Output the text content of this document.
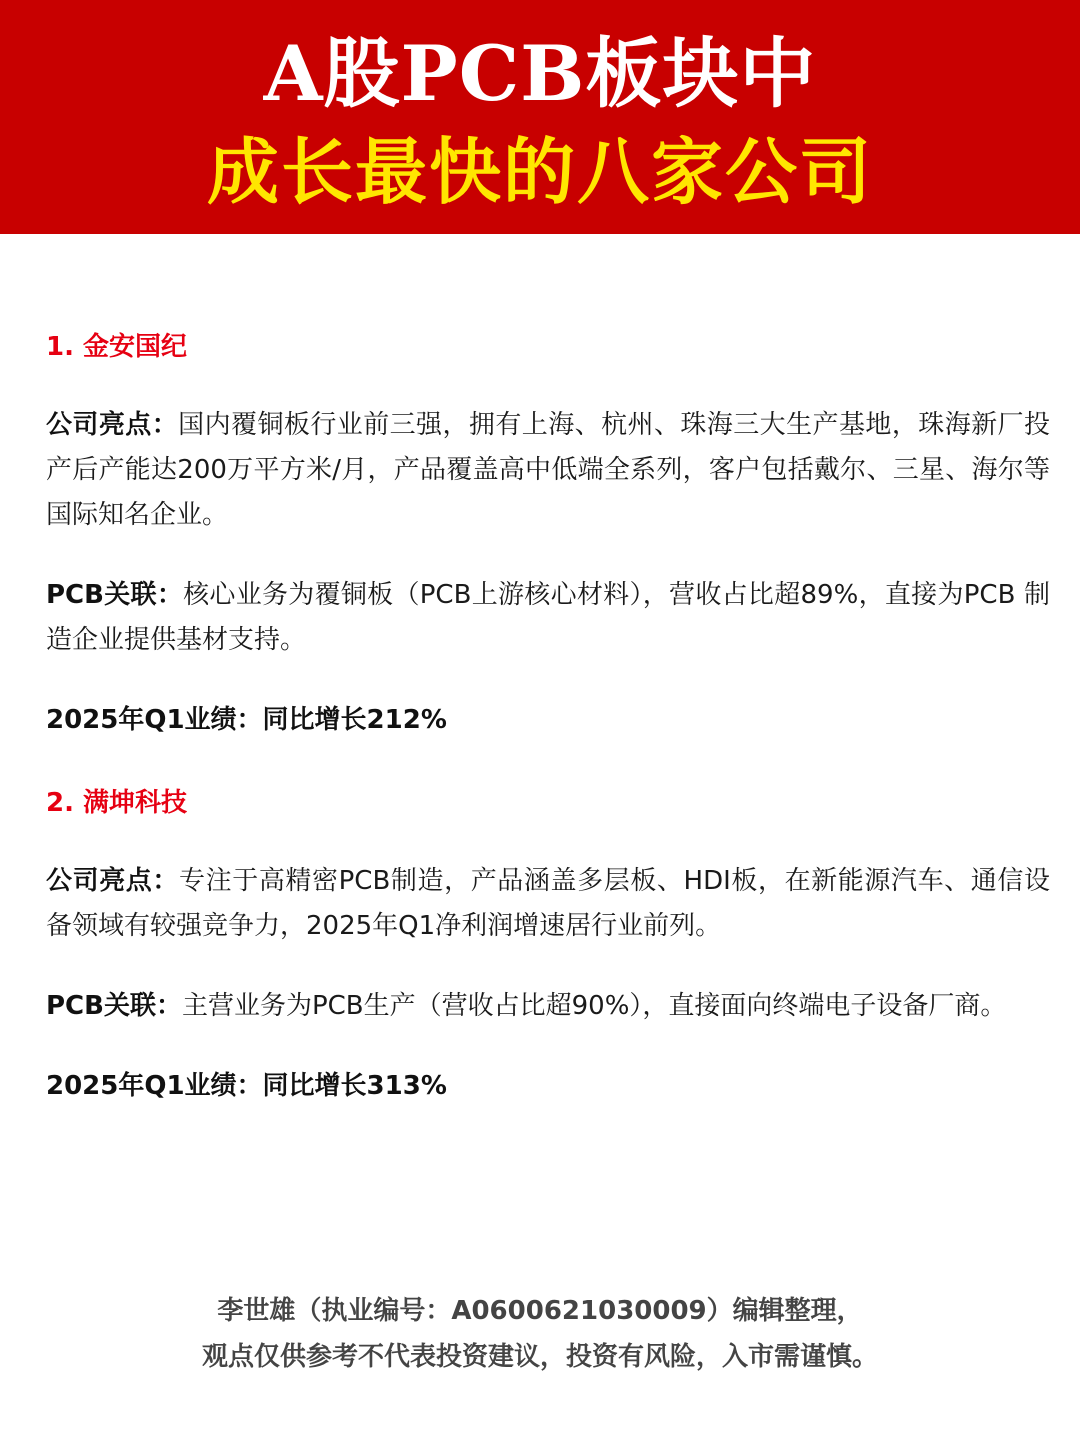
A股PCB板块中
成长最快的八家公司

1. 金安国纪

公司亮点：国内覆铜板行业前三强，拥有上海、杭州、珠海三大生产基地，珠海新厂投产后产能达200万平方米/月，产品覆盖高中低端全系列，客户包括戴尔、三星、海尔等国际知名企业。

PCB关联：核心业务为覆铜板（PCB上游核心材料），营收占比超89%，直接为PCB 制造企业提供基材支持。

2025年Q1业绩：同比增长212%

2. 满坤科技

公司亮点：专注于高精密PCB制造，产品涵盖多层板、HDI板，在新能源汽车、通信设备领域有较强竞争力，2025年Q1净利润增速居行业前列。

PCB关联：主营业务为PCB生产（营收占比超90%），直接面向终端电子设备厂商。

2025年Q1业绩：同比增长313%

李世雄（执业编号：A0600621030009）编辑整理，
观点仅供参考不代表投资建议，投资有风险，入市需谨慎。
